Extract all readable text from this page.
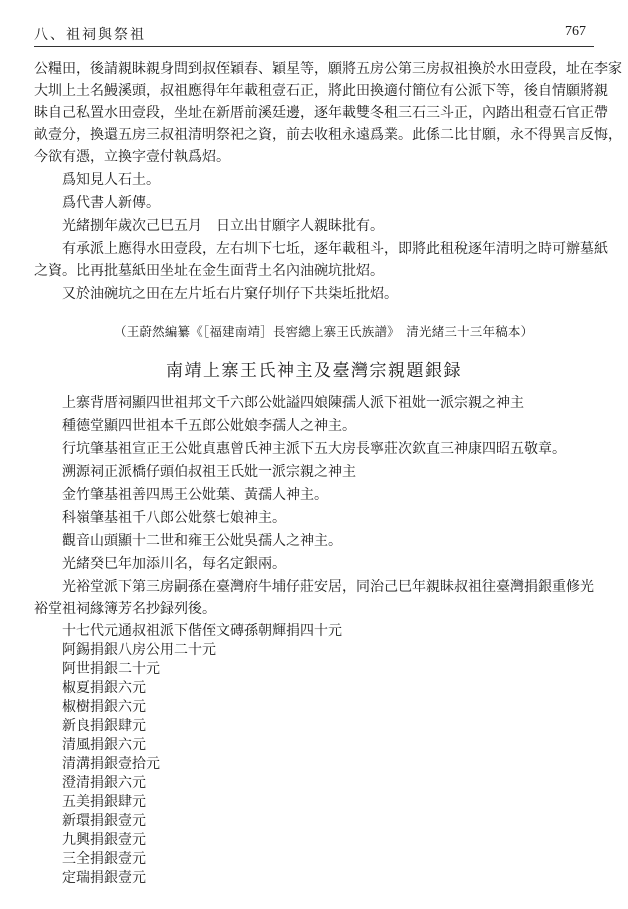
八、祖祠與祭祖	767
公糧田，後請親眛親身問到叔侄穎春、穎星等，願將五房公第三房叔祖換於水田壹段，址在李家
大圳上土名鰻溪頭，叔祖應得年年載租壹石正，將此田換適付簡位有公派下等，後自情願將親
眛自己私置水田壹段，坐址在新厝前溪廷邊，逐年載雙冬租三石三斗正，內踏出租壹石官正帶
畝壹分，換還五房三叔祖清明祭祀之資，前去收租永遠爲業。此係二比甘願，永不得異言反悔，
今欲有憑，立換字壹付執爲炤。
爲知見人石土。
爲代書人新傳。
光緒捌年歲次己巳五月　日立出甘願字人親眛批有。
有承派上應得水田壹段，左右圳下七坵，逐年載租斗，即將此租稅逐年清明之時可辦墓紙
之資。比再批墓紙田坐址在金生面背土名內油碗坑批炤。
又於油碗坑之田在左片坵右片窠仔圳仔下共柒坵批炤。
（王蔚然編纂《［福建南靖］長窖總上寨王氏族譜》　清光緒三十三年稿本）
南靖上寨王氏神主及臺灣宗親題銀録
上寨背厝祠顯四世祖邦文千六郎公妣謚四娘陳孺人派下祖妣一派宗親之神主
種德堂顯四世祖本千五郎公妣娘李孺人之神主。
行坑肇基祖宣正王公妣貞惠曾氏神主派下五大房長寧莊次欽直三神康四昭五敬章。
溯源祠正派橋仔頭伯叔祖王氏妣一派宗親之神主
金竹肇基祖善四馬王公妣葉、黃孺人神主。
科嶺肇基祖千八郎公妣蔡七娘神主。
觀音山頭顯十二世和雍王公妣吳孺人之神主。
光緒癸巳年加添川名，每名定銀兩。
光裕堂派下第三房嗣孫在臺灣府牛埔仔莊安居，同治己巳年親眛叔祖往臺灣捐銀重修光
裕堂祖祠緣簿芳名抄録列後。
十七代元通叔祖派下偕侄文磚孫朝輝捐四十元
阿錫捐銀八房公用二十元
阿世捐銀二十元
椒夏捐銀六元
椒樹捐銀六元
新良捐銀肆元
清風捐銀六元
清溝捐銀壹拾元
澄清捐銀六元
五美捐銀肆元
新環捐銀壹元
九興捐銀壹元
三全捐銀壹元
定瑞捐銀壹元
